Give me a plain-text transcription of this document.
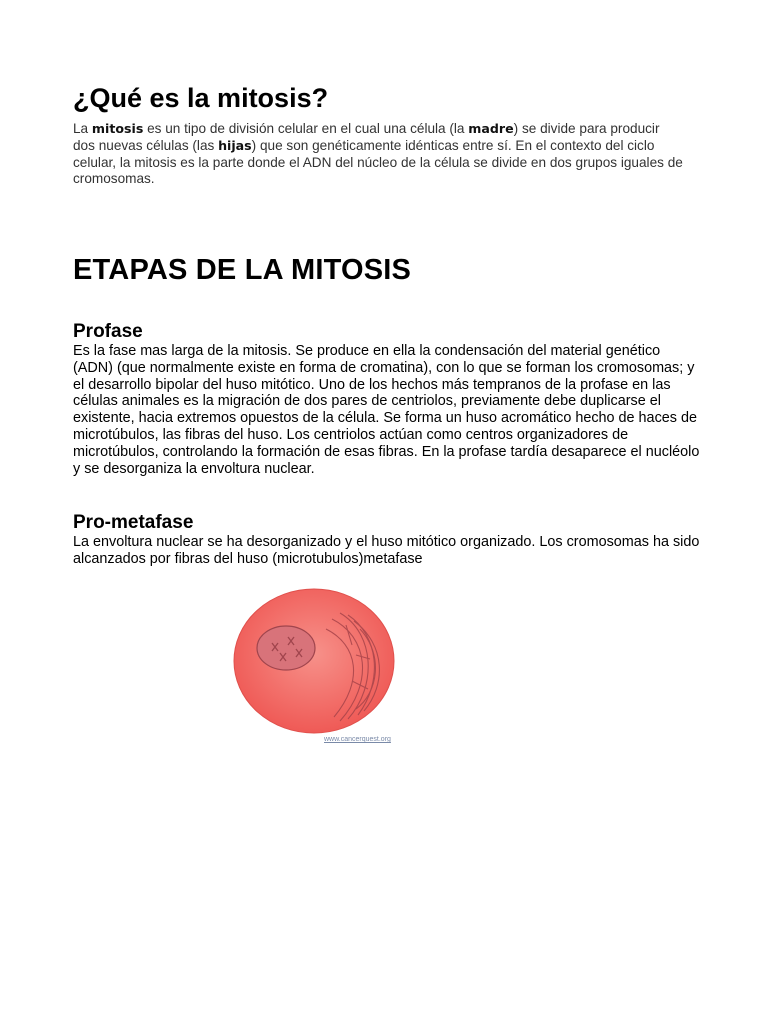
¿Qué es la mitosis?

La mitosis es un tipo de división celular en el cual una célula (la madre) se divide para producir dos nuevas células (las hijas) que son genéticamente idénticas entre sí. En el contexto del ciclo celular, la mitosis es la parte donde el ADN del núcleo de la célula se divide en dos grupos iguales de cromosomas.

ETAPAS DE LA MITOSIS
Profase

Es la fase mas larga de la mitosis. Se produce en ella la condensación del material genético (ADN) (que normalmente existe en forma de cromatina), con lo que se forman los cromosomas; y el desarrollo bipolar del huso mitótico. Uno de los hechos más tempranos de la profase en las células animales es la migración de dos pares de centriolos, previamente debe duplicarse el existente, hacia extremos opuestos de la célula. Se forma un huso acromático hecho de haces de microtúbulos, las fibras del huso. Los centriolos actúan como centros organizadores de microtúbulos, controlando la formación de esas fibras. En la profase tardía desaparece el nucléolo y se desorganiza la envoltura nuclear.

Pro-metafase

La envoltura nuclear se ha desorganizado y el huso mitótico organizado. Los cromosomas ha sido alcanzados por fibras del huso (microtubulos)metafase

www.cancerquest.org
